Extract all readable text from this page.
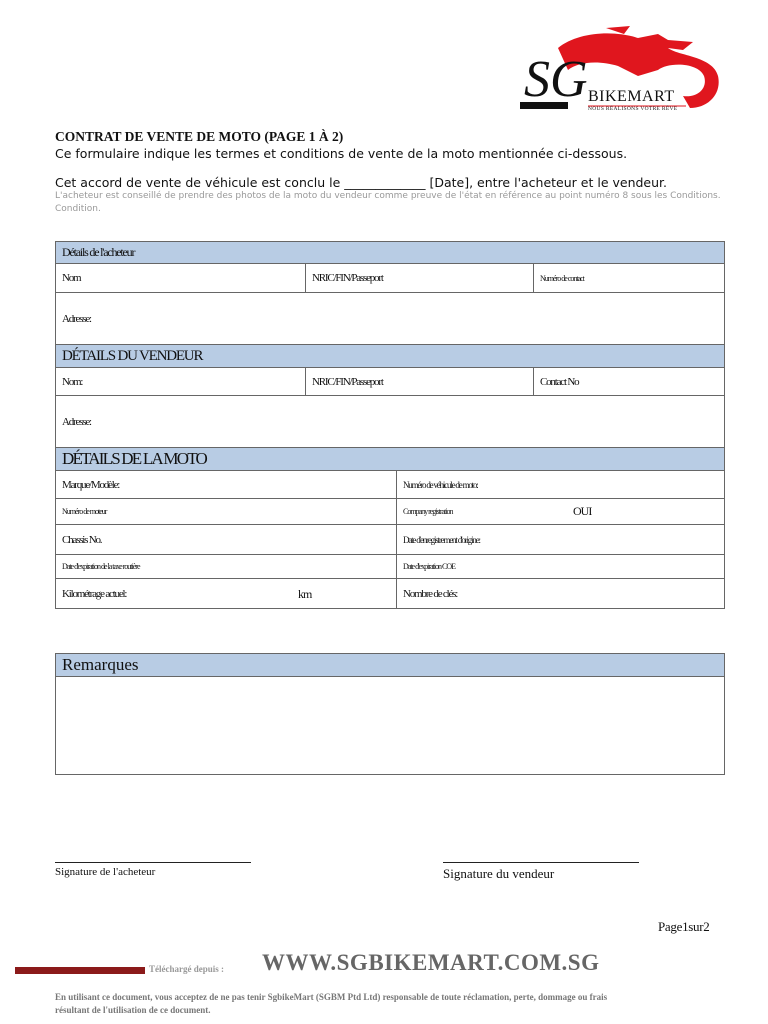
SG BIKEMART
NOUS RÉALISONS VOTRE RÊVE
CONTRAT DE VENTE DE MOTO (PAGE 1 À 2)
Ce formulaire indique les termes et conditions de vente de la moto mentionnée ci-dessous.
Cet accord de vente de véhicule est conclu le _____________ [Date], entre l'acheteur et le vendeur.
L'acheteur est conseillé de prendre des photos de la moto du vendeur comme preuve de l'état en référence au point numéro 8 sous les Conditions. Condition.
Détails de l'acheteur
Nom	NRIC/FIN/Passeport	Numéro de contact
Adresse:
DÉTAILS DU VENDEUR
Nom:	NRIC/FIN/Passeport	Contact No
Adresse:
DÉTAILS DE LA MOTO
Marque/Modèle:	Numéro de véhicule de moto:
Numéro de moteur	Company registration	OUI
Chassis No.	Date d'enregistrement d'origine:
Date d'expiration de la taxe routière	Date d'expiration COE
Kilométrage actuel:	km	Nombre de clés:
Remarques
Signature de l'acheteur	Signature du vendeur
Page1sur2
Téléchargé depuis : WWW.SGBIKEMART.COM.SG
En utilisant ce document, vous acceptez de ne pas tenir SgbikeMart (SGBM Ptd Ltd) responsable de toute réclamation, perte, dommage ou frais résultant de l'utilisation de ce document.
